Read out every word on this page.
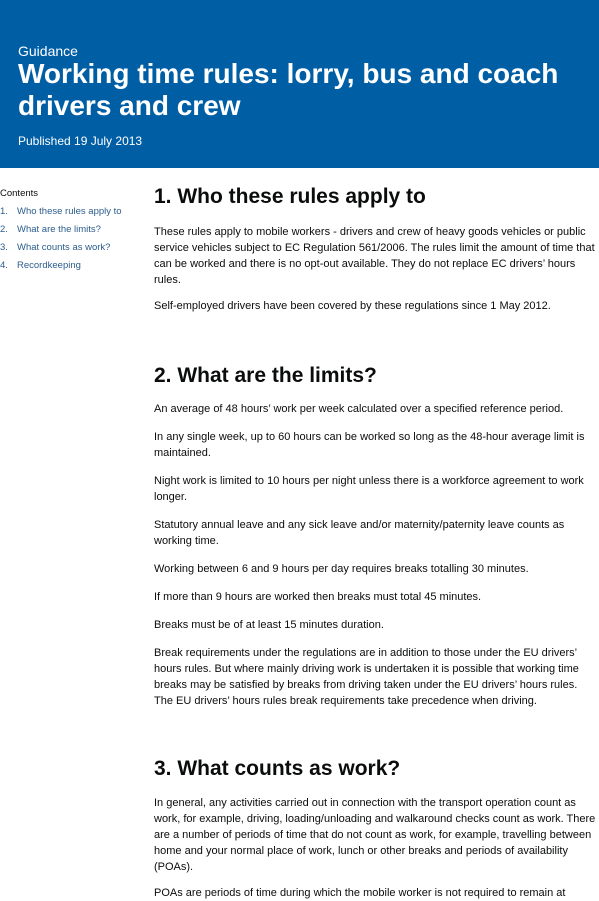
Guidance
Working time rules: lorry, bus and coach drivers and crew
Published 19 July 2013
Contents
1. Who these rules apply to
2. What are the limits?
3. What counts as work?
4. Recordkeeping
1. Who these rules apply to

These rules apply to mobile workers - drivers and crew of heavy goods vehicles or public service vehicles subject to EC Regulation 561/2006. The rules limit the amount of time that can be worked and there is no opt-out available. They do not replace EC drivers’ hours rules.

Self-employed drivers have been covered by these regulations since 1 May 2012.

2. What are the limits?

An average of 48 hours’ work per week calculated over a specified reference period.

In any single week, up to 60 hours can be worked so long as the 48-hour average limit is maintained.

Night work is limited to 10 hours per night unless there is a workforce agreement to work longer.

Statutory annual leave and any sick leave and/or maternity/paternity leave counts as working time.

Working between 6 and 9 hours per day requires breaks totalling 30 minutes.

If more than 9 hours are worked then breaks must total 45 minutes.

Breaks must be of at least 15 minutes duration.

Break requirements under the regulations are in addition to those under the EU drivers’ hours rules. But where mainly driving work is undertaken it is possible that working time breaks may be satisfied by breaks from driving taken under the EU drivers’ hours rules. The EU drivers’ hours rules break requirements take precedence when driving.

3. What counts as work?

In general, any activities carried out in connection with the transport operation count as work, for example, driving, loading/unloading and walkaround checks count as work. There are a number of periods of time that do not count as work, for example, travelling between home and your normal place of work, lunch or other breaks and periods of availability (POAs).

POAs are periods of time during which the mobile worker is not required to remain at
